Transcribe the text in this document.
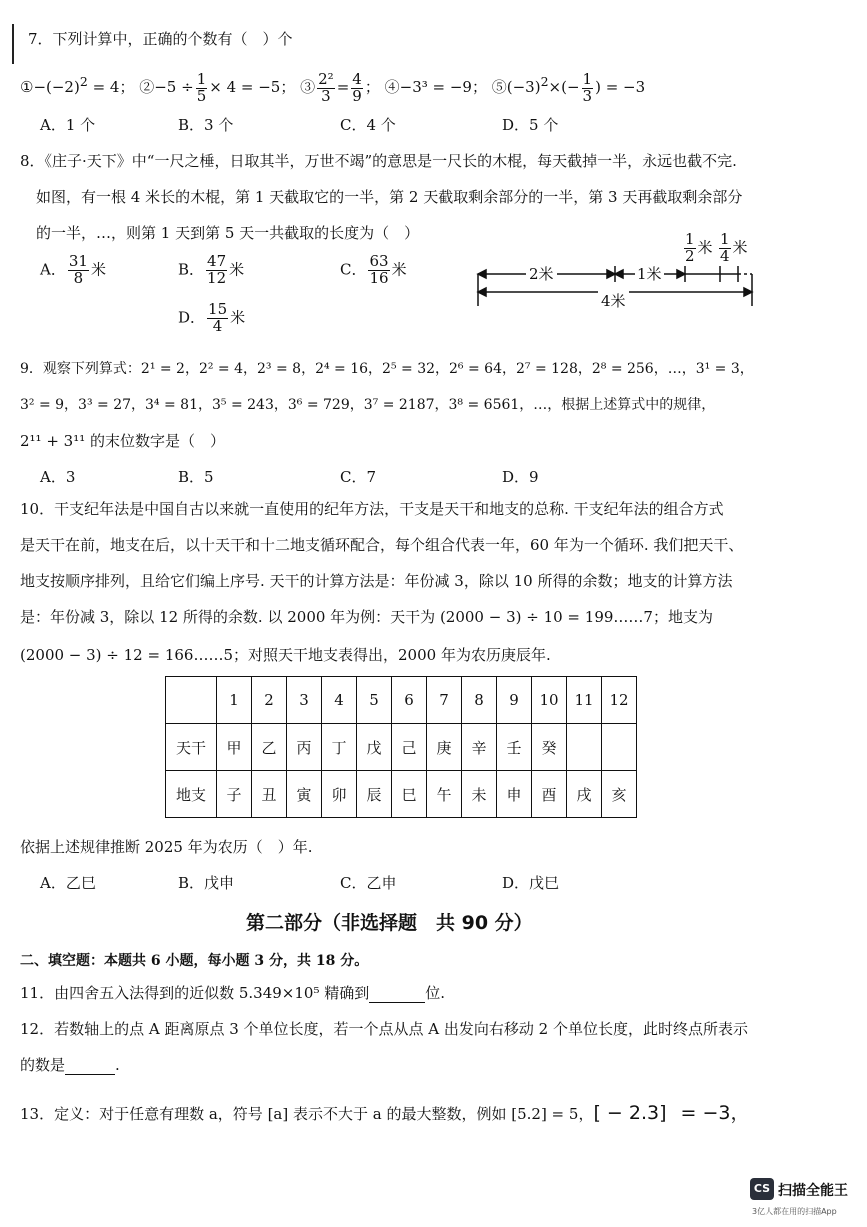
7．下列计算中，正确的个数有（　）个
$①-(-2)^2 = 4$； ②−5 ÷ $\frac{1}{5} \times 4 = -5$； ③ $\frac{\text{2²}}{3} = \frac{4}{9}$ ； ④−3³ = −9； $⑤(-3)^2\times(- \frac{1}{3}$ ) = −3
A．1 个	B．3 个	C．4 个	D．5 个
8．《庄子·天下》中“一尺之棰，日取其半，万世不竭”的意思是一尺长的木棍，每天截掉一半，永远也截不完.
如图，有一根 4 米长的木棍，第 1 天截取它的一半，第 2 天截取剩余部分的一半，第 3 天再截取剩余部分
的一半，…，则第 1 天到第 5 天一共截取的长度为（　）
A． $\frac{31}{8}$ 米	B． $\frac{47}{12}$ 米	C． $\frac{63}{16}$ 米
D． $\frac{15}{4}$ 米
2米	1米
4米
$\frac{1}{2}$ 米 $\frac{1}{4}$ 米
9．观察下列算式：2¹ = 2，2² = 4，2³ = 8，2⁴ = 16，2⁵ = 32，2⁶ = 64，2⁷ = 128，2⁸ = 256，…，3¹ = 3，
3² = 9，3³ = 27，3⁴ = 81，3⁵ = 243，3⁶ = 729，3⁷ = 2187，3⁸ = 6561，…，根据上述算式中的规律，
2¹¹ + 3¹¹ 的末位数字是（　）
A．3	B．5	C．7	D．9
10．干支纪年法是中国自古以来就一直使用的纪年方法，干支是天干和地支的总称. 干支纪年法的组合方式
是天干在前，地支在后，以十天干和十二地支循环配合，每个组合代表一年，60 年为一个循环. 我们把天干、
地支按顺序排列，且给它们编上序号. 天干的计算方法是：年份减 3，除以 10 所得的余数；地支的计算方法
是：年份减 3，除以 12 所得的余数. 以 2000 年为例：天干为 (2000 − 3) ÷ 10 = 199……7；地支为
(2000 − 3) ÷ 12 = 166……5；对照天干地支表得出，2000 年为农历庚辰年.
	1	2	3	4	5	6	7	8	9	10	11	12
天干	甲	乙	丙	丁	戊	己	庚	辛	壬	癸		
地支	子	丑	寅	卯	辰	巳	午	未	申	酉	戌	亥
依据上述规律推断 2025 年为农历（　）年.
A．乙巳	B．戊申	C．乙申	D．戊巳
第二部分（非选择题　共 90 分）
二、填空题：本题共 6 小题，每小题 3 分，共 18 分。
11．由四舍五入法得到的近似数 5.349×10⁵ 精确到	位.
12．若数轴上的点 A 距离原点 3 个单位长度，若一个点从点 A 出发向右移动 2 个单位长度，此时终点所表示
的数是	.
13．定义：对于任意有理数 a，符号 [a] 表示不大于 a 的最大整数，例如 [5.2] = 5，[ − 2.3] = −3，
CS 扫描全能王
3亿人都在用的扫描App
